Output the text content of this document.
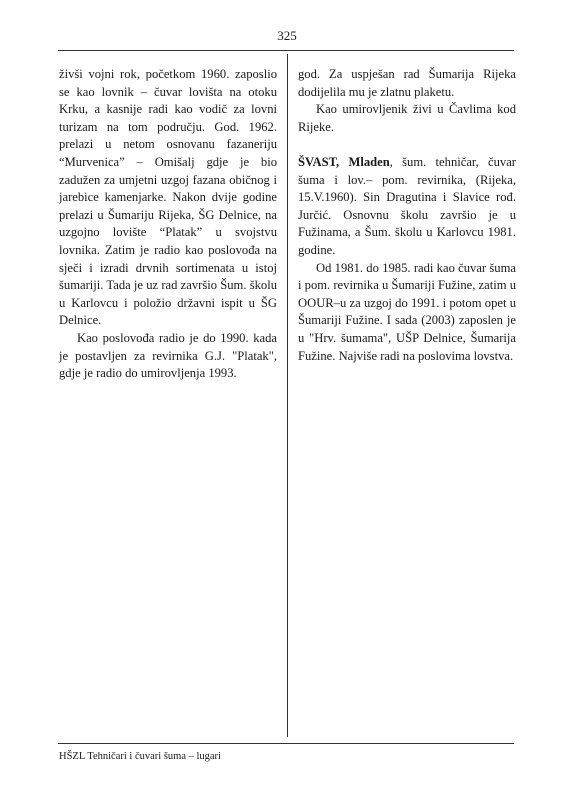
325

živši vojni rok, početkom 1960. zaposlio se kao lovnik – čuvar lovišta na otoku Krku, a kasnije radi kao vodič za lovni turizam na tom području. God. 1962. prelazi u netom osnovanu fazaneriju “Murvenica” – Omišalj gdje je bio zadužen za umjetni uzgoj fazana običnog i jarebice kamenjarke. Nakon dvije godine prelazi u Šumariju Rijeka, ŠG Delnice, na uzgojno lovište “Platak” u svojstvu lovnika. Zatim je radio kao poslovođa na sječi i izradi drvnih sortimenata u istoj šumariji. Tada je uz rad završio Šum. školu u Karlovcu i položio državni ispit u ŠG Delnice.

Kao poslovođa radio je do 1990. kada je postavljen za revirnika G.J. "Platak", gdje je radio do umirovljenja 1993.

god. Za uspješan rad Šumarija Rijeka dodijelila mu je zlatnu plaketu.

Kao umirovljenik živi u Čavlima kod Rijeke.

ŠVAST, Mladen, šum. tehničar, čuvar šuma i lov.– pom. revirnika, (Rijeka, 15.V.1960). Sin Dragutina i Slavice rođ. Jurčić. Osnovnu školu završio je u Fužinama, a Šum. školu u Karlovcu 1981. godine.

Od 1981. do 1985. radi kao čuvar šuma i pom. revirnika u Šumariji Fužine, zatim u OOUR–u za uzgoj do 1991. i potom opet u Šumariji Fužine. I sada (2003) zaposlen je u "Hrv. šumama", UŠP Delnice, Šumarija Fužine. Najviše radi na poslovima lovstva.

HŠZL Tehničari i čuvari šuma – lugari
